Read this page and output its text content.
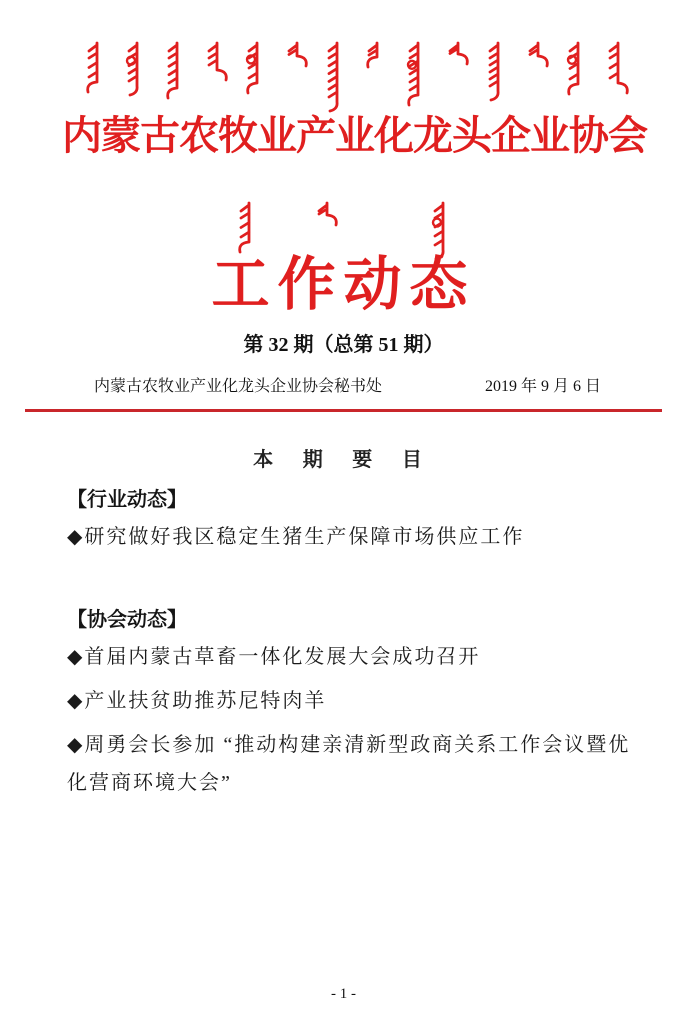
内蒙古农牧业产业化龙头企业协会
工作动态
第 32 期（总第 51 期）
内蒙古农牧业产业化龙头企业协会秘书处	2019 年 9 月 6 日
本 期 要 目
【行业动态】
◆研究做好我区稳定生猪生产保障市场供应工作
【协会动态】
◆首届内蒙古草畜一体化发展大会成功召开
◆产业扶贫助推苏尼特肉羊
◆周勇会长参加 “推动构建亲清新型政商关系工作会议暨优
化营商环境大会”
- 1 -
